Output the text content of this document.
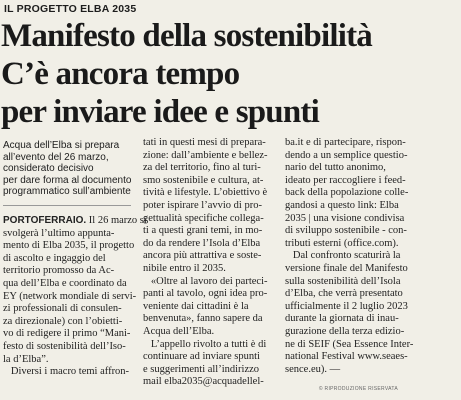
IL PROGETTO ELBA 2035
Manifesto della sostenibilità
C’è ancora tempo
per inviare idee e spunti
Acqua dell’Elba si prepara
all’evento del 26 marzo,
considerato decisivo
per dare forma al documento
programmatico sull’ambiente
PORTOFERRAIO. Il 26 marzo si
svolgerà l’ultimo appunta-
mento di Elba 2035, il progetto
di ascolto e ingaggio del
territorio promosso da Ac-
qua dell’Elba e coordinato da
EY (network mondiale di servi-
zi professionali di consulen-
za direzionale) con l’obietti-
vo di redigere il primo “Mani-
festo di sostenibilità dell’Iso-
la d’Elba”.
Diversi i macro temi affron-
tati in questi mesi di prepara-
zione: dall’ambiente e bellez-
za del territorio, fino al turi-
smo sostenibile e cultura, at-
tività e lifestyle. L’obiettivo è
poter ispirare l’avvio di pro-
gettualità specifiche collega-
ti a questi grani temi, in mo-
do da rendere l’Isola d’Elba
ancora più attrattiva e soste-
nibile entro il 2035.
«Oltre al lavoro dei parteci-
panti al tavolo, ogni idea pro-
veniente dai cittadini è la
benvenuta», fanno sapere da
Acqua dell’Elba.
L’appello rivolto a tutti è di
continuare ad inviare spunti
e suggerimenti all’indirizzo
mail elba2035@acquadellel-
ba.it e di partecipare, rispon-
dendo a un semplice questio-
nario del tutto anonimo,
ideato per raccogliere i feed-
back della popolazione colle-
gandosi a questo link: Elba
2035 | una visione condivisa
di sviluppo sostenibile - con-
tributi esterni (office.com).
Dal confronto scaturirà la
versione finale del Manifesto
sulla sostenibilità dell’Isola
d’Elba, che verrà presentato
ufficialmente il 2 luglio 2023
durante la giornata di inau-
gurazione della terza edizio-
ne di SEIF (Sea Essence Inter-
national Festival www.seaes-
sence.eu). —
© RIPRODUZIONE RISERVATA
